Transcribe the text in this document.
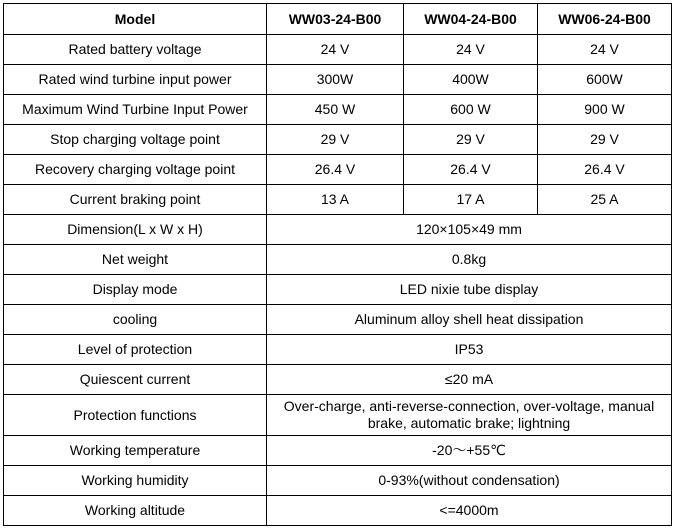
Model	WW03-24-B00	WW04-24-B00	WW06-24-B00
Rated battery voltage	24 V	24 V	24 V
Rated wind turbine input power	300W	400W	600W
Maximum Wind Turbine Input Power	450 W	600 W	900 W
Stop charging voltage point	29 V	29 V	29 V
Recovery charging voltage point	26.4 V	26.4 V	26.4 V
Current braking point	13 A	17 A	25 A
Dimension(L x W x H)	120×105×49 mm		
Net weight	0.8kg		
Display mode	LED nixie tube display		
cooling	Aluminum alloy shell heat dissipation		
Level of protection	IP53		
Quiescent current	≤20 mA		
Protection functions	Over-charge, anti-reverse-connection, over-voltage, manual brake, automatic brake; lightning		
Working temperature	-20～+55℃		
Working humidity	0-93%(without condensation)		
Working altitude	<=4000m		
